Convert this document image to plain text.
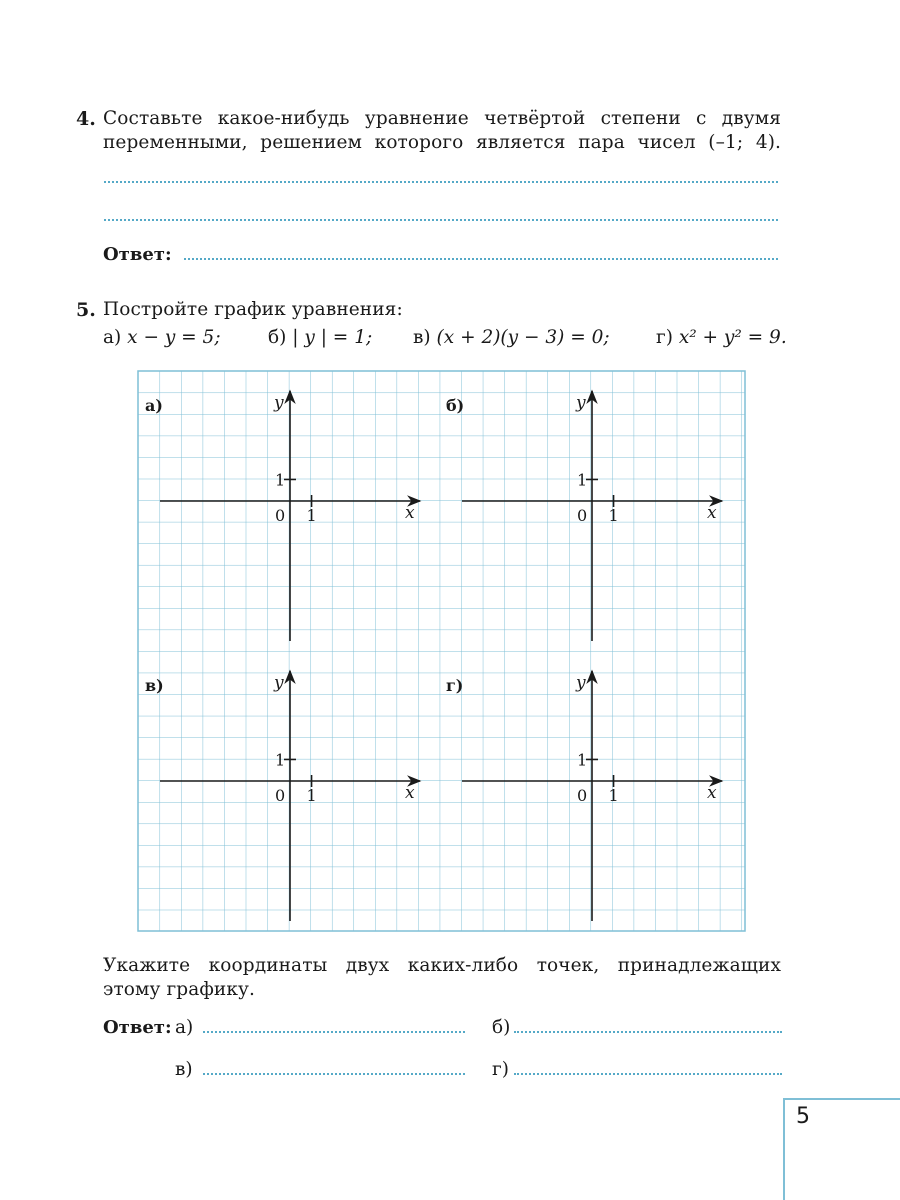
4. Составьте какое-нибудь уравнение четвёртой степени с двумя
переменными, решением которого является пара чисел (–1; 4).
Ответ:
5. Постройте график уравнения:
а) x − y = 5;	б) | y | = 1; в) (x + 2)(y − 3) = 0;	г) x² + y² = 9.
а)	y
x
0 1
1
б)	y
x
0 1
1
в)	y
x
0 1
1
г)	y
x
0 1
1
Укажите координаты двух каких-либо точек, принадлежащих
этому графику.
Ответ: а)	б)
в)	г)
5
